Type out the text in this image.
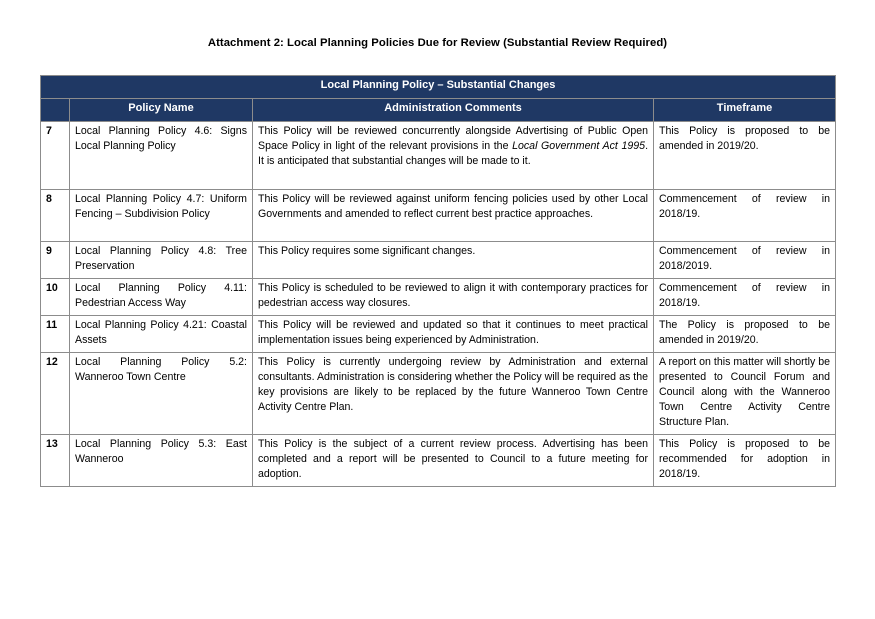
Attachment 2: Local Planning Policies Due for Review (Substantial Review Required)
Local Planning Policy – Substantial Changes			
	Policy Name	Administration Comments	Timeframe
7	Local Planning Policy 4.6: Signs Local Planning Policy	This Policy will be reviewed concurrently alongside Advertising of Public Open Space Policy in light of the relevant provisions in the Local Government Act 1995. It is anticipated that substantial changes will be made to it.	This Policy is proposed to be amended in 2019/20.
8	Local Planning Policy 4.7: Uniform Fencing – Subdivision Policy	This Policy will be reviewed against uniform fencing policies used by other Local Governments and amended to reflect current best practice approaches.	Commencement of review in 2018/19.
9	Local Planning Policy 4.8: Tree Preservation	This Policy requires some significant changes.	Commencement of review in 2018/2019.
10	Local Planning Policy 4.11: Pedestrian Access Way	This Policy is scheduled to be reviewed to align it with contemporary practices for pedestrian access way closures.	Commencement of review in 2018/19.
11	Local Planning Policy 4.21: Coastal Assets	This Policy will be reviewed and updated so that it continues to meet practical implementation issues being experienced by Administration.	The Policy is proposed to be amended in 2019/20.
12	Local Planning Policy 5.2: Wanneroo Town Centre	This Policy is currently undergoing review by Administration and external consultants. Administration is considering whether the Policy will be required as the key provisions are likely to be replaced by the future Wanneroo Town Centre Activity Centre Plan.	A report on this matter will shortly be presented to Council Forum and Council along with the Wanneroo Town Centre Activity Centre Structure Plan.
13	Local Planning Policy 5.3: East Wanneroo	This Policy is the subject of a current review process. Advertising has been completed and a report will be presented to Council to a future meeting for adoption.	This Policy is proposed to be recommended for adoption in 2018/19.
